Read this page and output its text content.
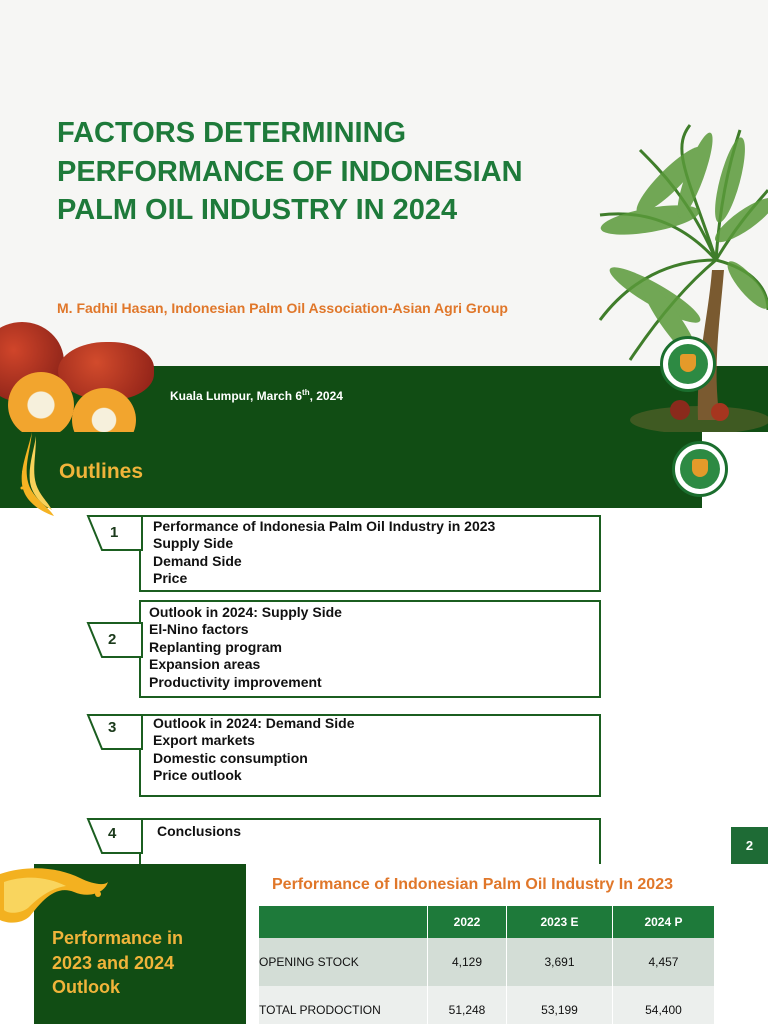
FACTORS DETERMINING
PERFORMANCE OF INDONESIAN
PALM OIL INDUSTRY IN 2024
M. Fadhil Hasan, Indonesian Palm Oil Association-Asian Agri Group
Kuala Lumpur, March 6th, 2024
Outlines
1 Performance of Indonesia Palm Oil Industry in 2023
Supply Side
Demand Side
Price
2
Outlook in 2024: Supply Side
El-Nino factors
Replanting program
Expansion areas
Productivity improvement
3	Outlook in 2024: Demand Side
Export markets
Domestic consumption
Price outlook
4	Conclusions
2
Performance in
2023 and 2024
Outlook
Performance of Indonesian Palm Oil Industry In 2023
	2022	2023 E	2024 P
OPENING STOCK	4,129	3,691	4,457
TOTAL PRODOCTION	51,248	53,199	54,400
